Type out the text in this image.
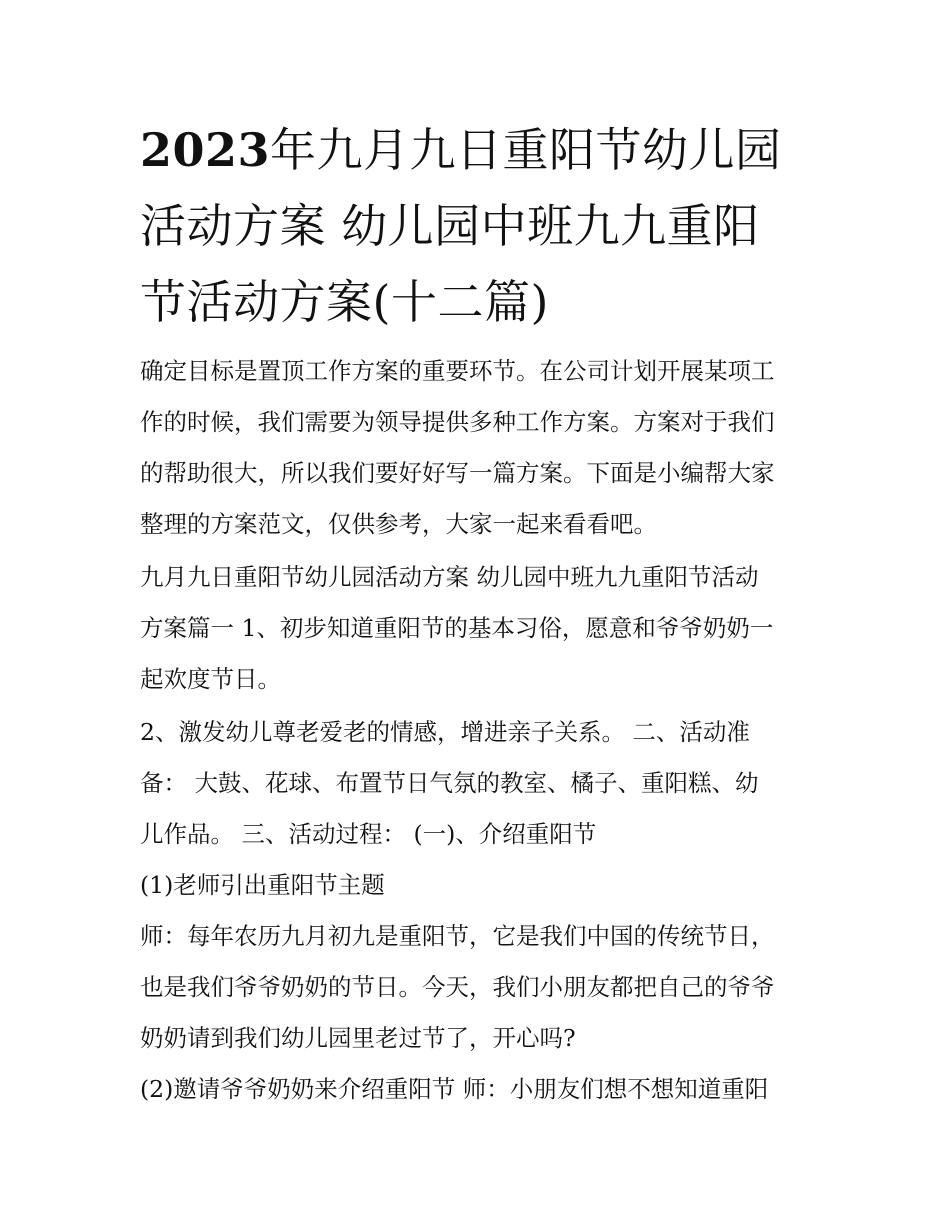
2023年九月九日重阳节幼儿园
活动方案 幼儿园中班九九重阳
节活动方案(十二篇)

确定目标是置顶工作方案的重要环节。在公司计划开展某项工
作的时候，我们需要为领导提供多种工作方案。方案对于我们
的帮助很大，所以我们要好好写一篇方案。下面是小编帮大家
整理的方案范文，仅供参考，大家一起来看看吧。

九月九日重阳节幼儿园活动方案 幼儿园中班九九重阳节活动
方案篇一 1、初步知道重阳节的基本习俗，愿意和爷爷奶奶一
起欢度节日。

2、激发幼儿尊老爱老的情感，增进亲子关系。 二、活动准
备： 大鼓、花球、布置节日气氛的教室、橘子、重阳糕、幼
儿作品。 三、活动过程： (一)、介绍重阳节

(1)老师引出重阳节主题

师：每年农历九月初九是重阳节，它是我们中国的传统节日，
也是我们爷爷奶奶的节日。今天，我们小朋友都把自己的爷爷
奶奶请到我们幼儿园里老过节了，开心吗?

(2)邀请爷爷奶奶来介绍重阳节 师：小朋友们想不想知道重阳
